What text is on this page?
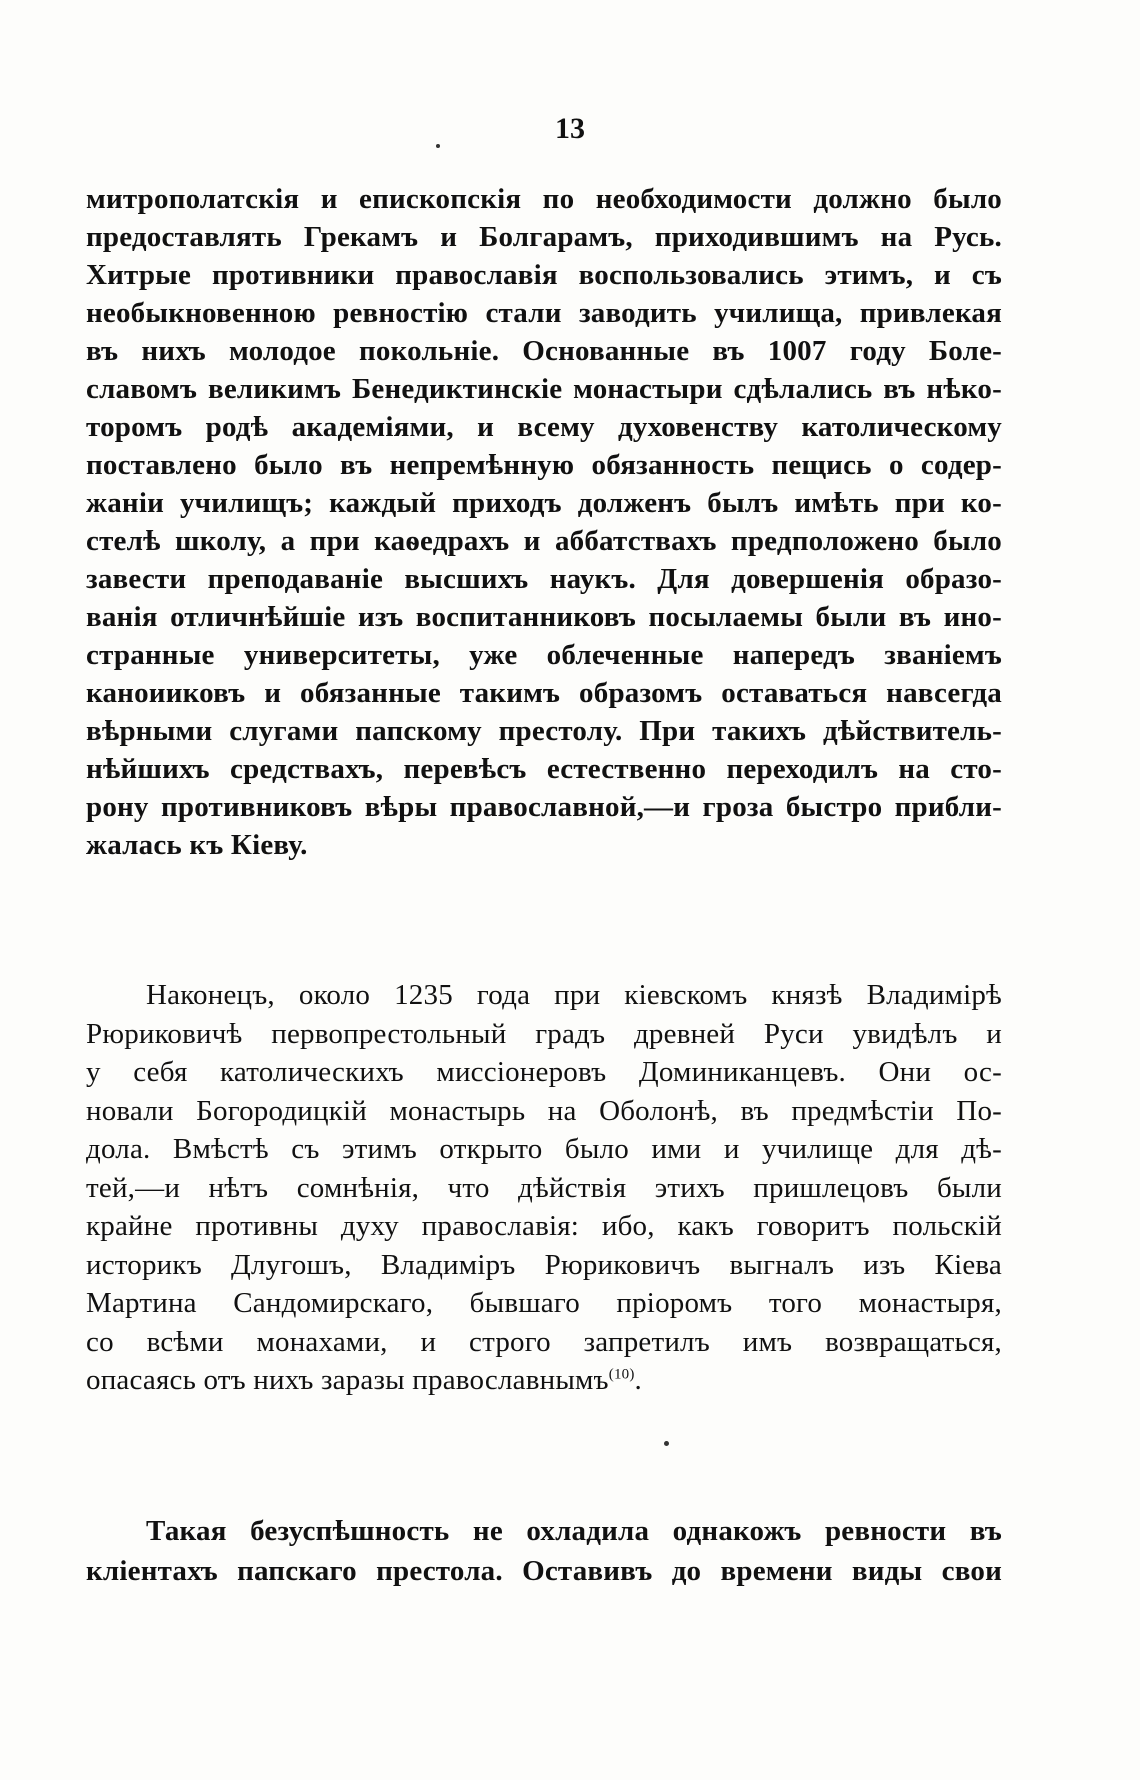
13
митрополатскія и епископскія по необходимости должно было
предоставлять Грекамъ и Болгарамъ, приходившимъ на Русь.
Хитрые противники православія воспользовались этимъ, и съ
необыкновенною ревностію стали заводить училища, привлекая
въ нихъ молодое покольніе. Основанные въ 1007 году Боле-
славомъ великимъ Бенедиктинскіе монастыри сдѣлались въ нѣко-
торомъ родѣ академіями, и всему духовенству католическому
поставлено было въ непремѣнную обязанность пещись о содер-
жаніи училищъ; каждый приходъ долженъ былъ имѣть при ко-
стелѣ школу, а при каѳедрахъ и аббатствахъ предположено было
завести преподаваніе высшихъ наукъ. Для довершенія образо-
ванія отличнѣйшіе изъ воспитанниковъ посылаемы были въ ино-
странные университеты, уже облеченные напередъ званіемъ
каноииковъ и обязанные такимъ образомъ оставаться навсегда
вѣрными слугами папскому престолу. При такихъ дѣйствитель-
нѣйшихъ средствахъ, перевѣсъ естественно переходилъ на сто-
рону противниковъ вѣры православной,—и гроза быстро прибли-
жалась къ Кіеву.
Наконецъ, около 1235 года при кіевскомъ князѣ Владимірѣ
Рюриковичѣ первопрестольный градъ древней Руси увидѣлъ и
у себя католическихъ миссіонеровъ Доминиканцевъ. Они ос-
новали Богородицкій монастырь на Оболонѣ, въ предмѣстіи По-
дола. Вмѣстѣ съ этимъ открыто было ими и училище для дѣ-
тей,—и нѣтъ сомнѣнія, что дѣйствія этихъ пришлецовъ были
крайне противны духу православія: ибо, какъ говоритъ польскій
историкъ Длугошъ, Владиміръ Рюриковичъ выгналъ изъ Кіева
Мартина Сандомирскаго, бывшаго пріоромъ того монастыря,
со всѣми монахами, и строго запретилъ имъ возвращаться,
опасаясь отъ нихъ заразы православнымъ$^{(10)}$.
Такая безуспѣшность не охладила однакожъ ревности въ
кліентахъ папскаго престола. Оставивъ до времени виды свои
